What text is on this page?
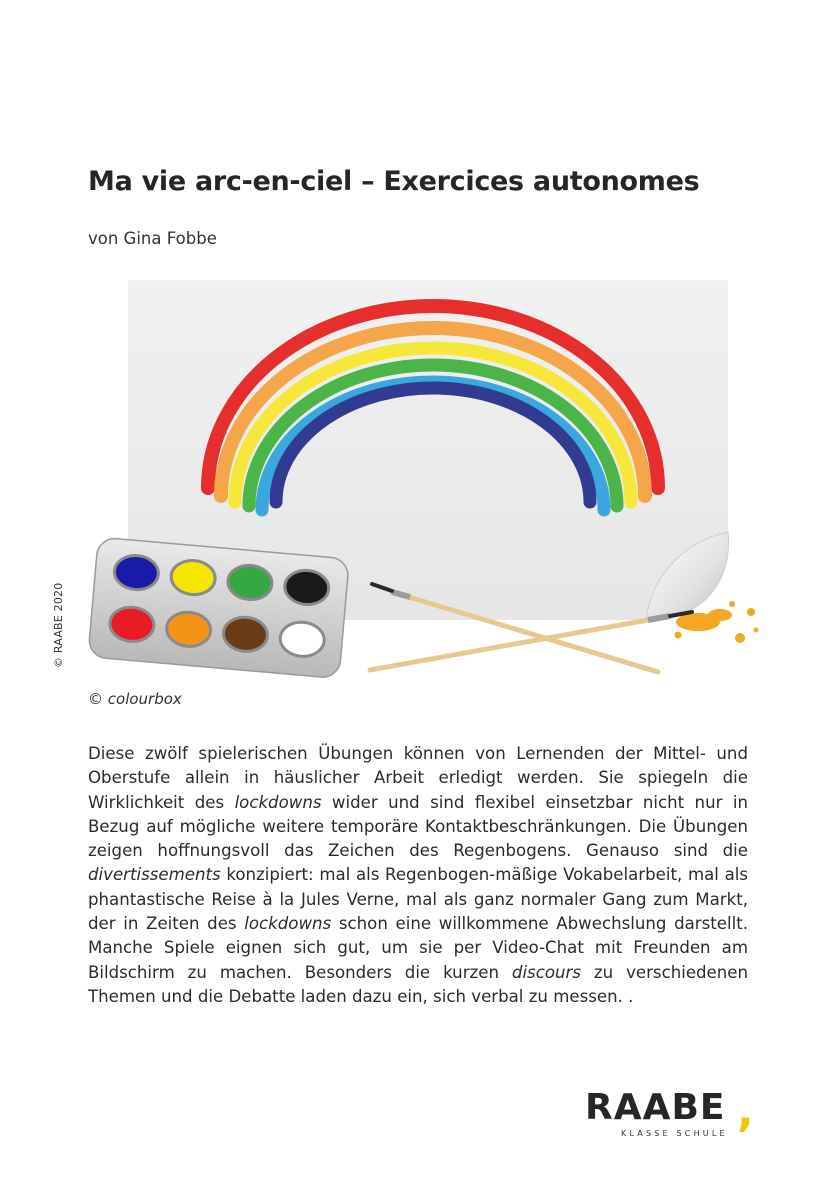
Ma vie arc-en-ciel – Exercices autonomes
von Gina Fobbe
© RAABE 2020
© colourbox

Diese zwölf spielerischen Übungen können von Lernenden der Mittel- und Oberstufe allein in häuslicher Arbeit erledigt werden. Sie spiegeln die Wirklichkeit des lockdowns wider und sind flexibel einsetzbar nicht nur in Bezug auf mögliche weitere temporäre Kontaktbeschränkungen. Die Übungen zeigen hoffnungsvoll das Zeichen des Regenbogens. Genauso sind die divertissements konzipiert: mal als Regenbogen-mäßige Vokabelarbeit, mal als phantastische Reise à la Jules Verne, mal als ganz normaler Gang zum Markt, der in Zeiten des lockdowns schon eine willkommene Abwechslung darstellt. Manche Spiele eignen sich gut, um sie per Video-Chat mit Freunden am Bildschirm zu machen. Besonders die kurzen discours zu verschiedenen Themen und die Debatte laden dazu ein, sich verbal zu messen. .

RAABE ,
KLASSE SCHULE
